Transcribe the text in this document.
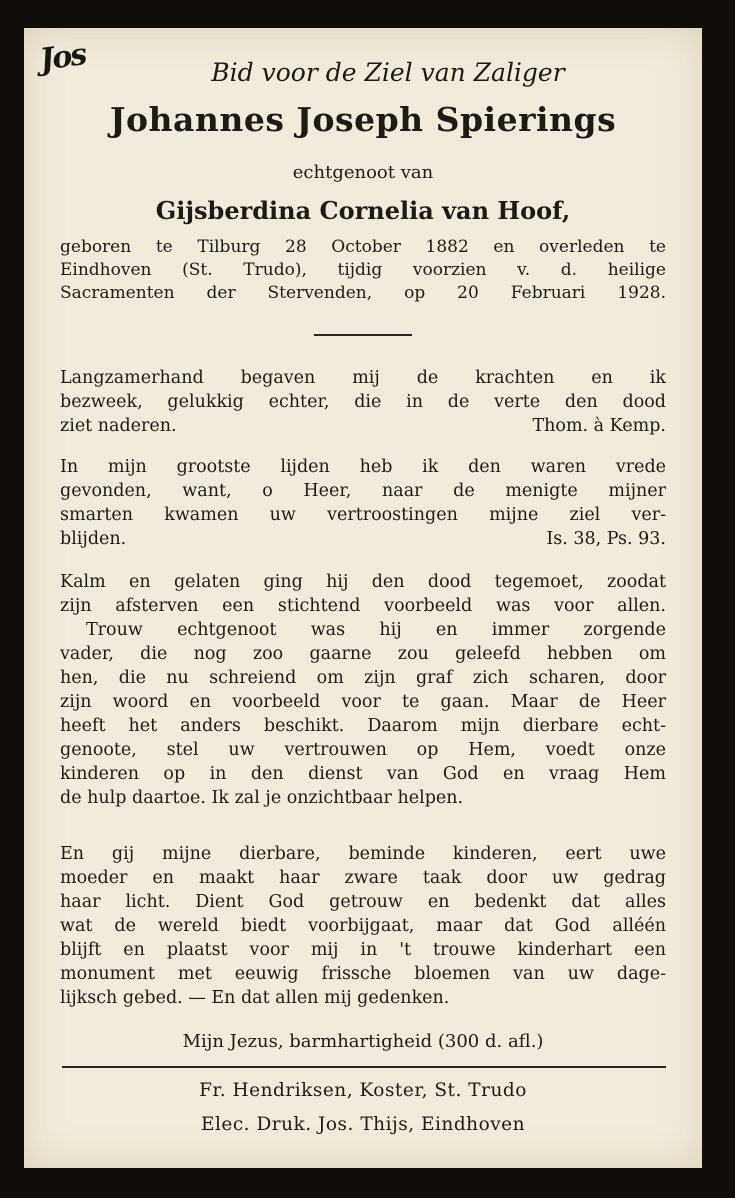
Jos	Bid voor de Ziel van Zaliger
Johannes Joseph Spierings
echtgenoot van
Gijsberdina Cornelia van Hoof,
geboren te Tilburg 28 October 1882 en overleden te
Eindhoven (St. Trudo), tijdig voorzien v. d. heilige
Sacramenten der Stervenden, op 20 Februari 1928.
Langzamerhand begaven mij de krachten en ik
bezweek, gelukkig echter, die in de verte den dood
ziet naderen.	Thom. à Kemp.
In mijn grootste lijden heb ik den waren vrede
gevonden, want, o Heer, naar de menigte mijner
smarten kwamen uw vertroostingen mijne ziel ver-
blijden.	Is. 38, Ps. 93.
Kalm en gelaten ging hij den dood tegemoet, zoodat
zijn afsterven een stichtend voorbeeld was voor allen.
Trouw echtgenoot was hij en immer zorgende
vader, die nog zoo gaarne zou geleefd hebben om
hen, die nu schreiend om zijn graf zich scharen, door
zijn woord en voorbeeld voor te gaan. Maar de Heer
heeft het anders beschikt. Daarom mijn dierbare echt-
genoote, stel uw vertrouwen op Hem, voedt onze
kinderen op in den dienst van God en vraag Hem
de hulp daartoe. Ik zal je onzichtbaar helpen.
En gij mijne dierbare, beminde kinderen, eert uwe
moeder en maakt haar zware taak door uw gedrag
haar licht. Dient God getrouw en bedenkt dat alles
wat de wereld biedt voorbijgaat, maar dat God alléén
blijft en plaatst voor mij in 't trouwe kinderhart een
monument met eeuwig frissche bloemen van uw dage-
lijksch gebed. — En dat allen mij gedenken.
Mijn Jezus, barmhartigheid (300 d. afl.)
Fr. Hendriksen, Koster, St. Trudo
Elec. Druk. Jos. Thijs, Eindhoven
